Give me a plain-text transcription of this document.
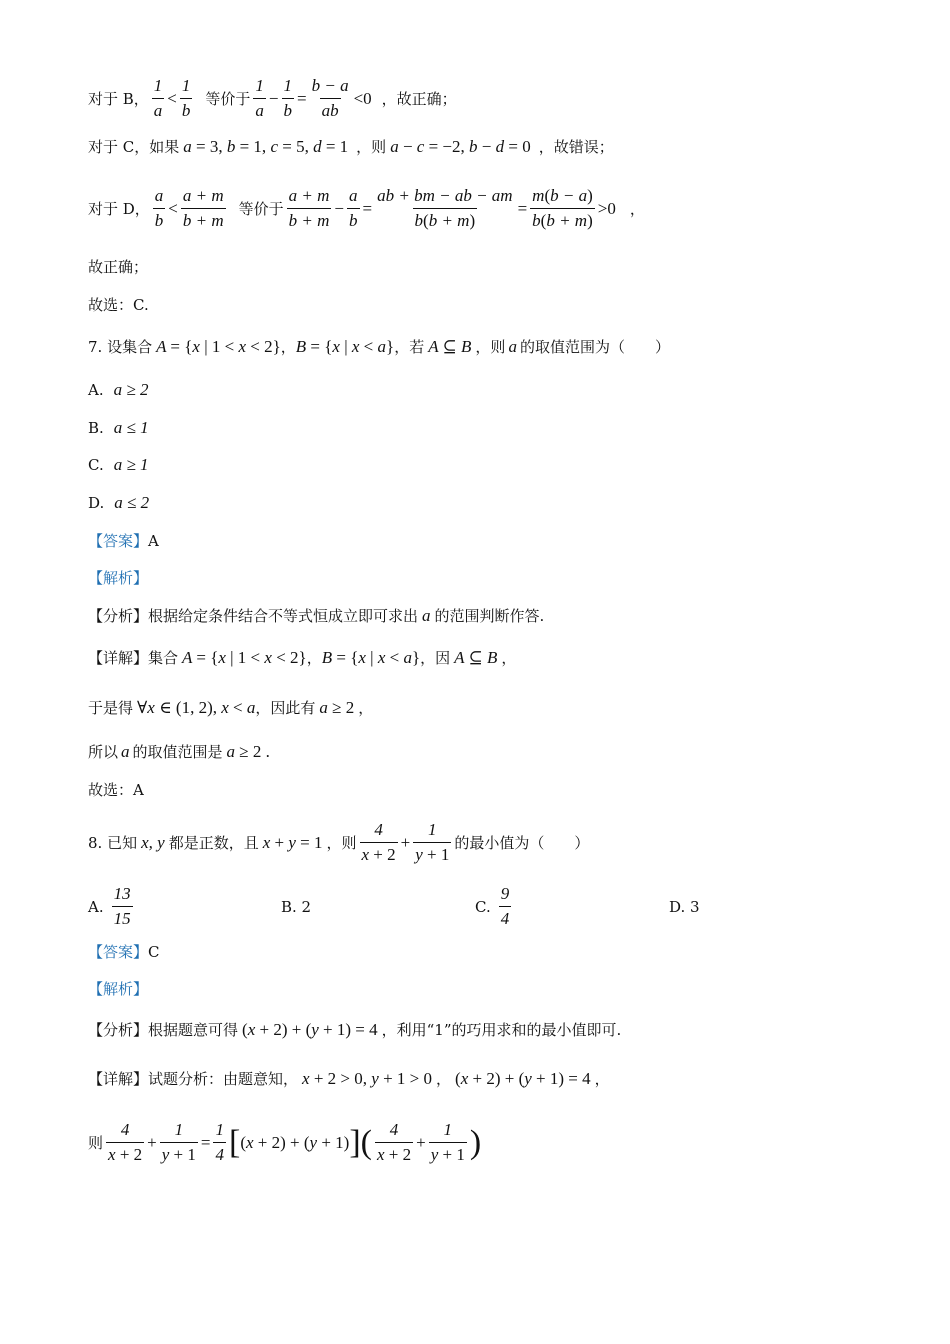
对于 B， $\frac{1}{a} < \frac{1}{b}$ 等价于 $\frac{1}{a} - \frac{1}{b} = \frac{b - a}{ab} <0$ ，故正确；
对于 C，如果 a = 3, b = 1, c = 5, d = 1 ，则 a − c = −2, b − d = 0 ，故错误；
对于 D， $\frac{a}{b} < \frac{a + m}{b + m}$ 等价于 $\frac{a + m}{b + m} - \frac{a}{b} = \frac{ab + bm - ab - am}{b(b + m)} = \frac{m(b - a)}{b(b + m)} >0$ ，
故正确；
故选：C.
7. 设集合 A = {x | 1 < x < 2} ， B = {x | x < a} ，若 A ⊆ B ，则 a 的取值范围为（　　）
A. a ≥ 2
B. a ≤ 1
C. a ≥ 1
D. a ≤ 2
【答案】 A
【解析】
【分析】 根据给定条件结合不等式恒成立即可求出 a 的范围判断作答.
【详解】 集合 A = {x | 1 < x < 2} ， B = {x | x < a} ，因 A ⊆ B ，
于是得 ∀x ∈ (1, 2), x < a ，因此有 a ≥ 2 ，
所以 a 的取值范围是 a ≥ 2 .
故选：A
8. 已知 x, y 都是正数，且 x + y = 1 ，则 $\frac{4}{x + 2} + \frac{1}{y + 1}$ 的最小值为（　　）
A. $\frac{13}{15}$	B. 2	C. $\frac{9}{4}$	D. 3
【答案】 C
【解析】
【分析】 根据题意可得 (x + 2) + (y + 1) = 4 ，利用“1”的巧用求和的最小值即可.
【详解】 试题分析：由题意知， x + 2 > 0, y + 1 > 0 ， (x + 2) + (y + 1) = 4 ，
则 $\frac{4}{x + 2} + \frac{1}{y + 1} = \frac{1}{4}$ [ (x + 2) + (y + 1) ] ( $\frac{4}{x + 2} + \frac{1}{y + 1}$ )
